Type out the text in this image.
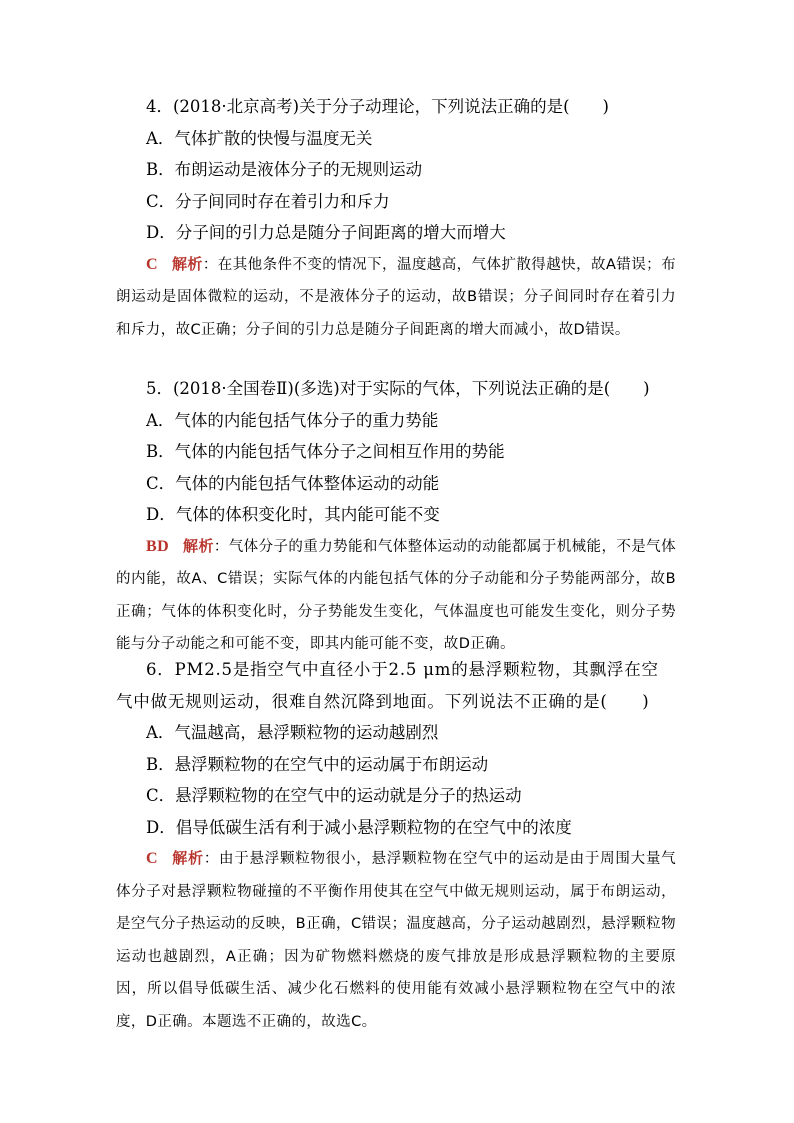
4．(2018·北京高考)关于分子动理论，下列说法正确的是(　　)
A．气体扩散的快慢与温度无关
B．布朗运动是液体分子的无规则运动
C．分子间同时存在着引力和斥力
D．分子间的引力总是随分子间距离的增大而增大
C 解析：在其他条件不变的情况下，温度越高，气体扩散得越快，故A错误；布朗运动是固体微粒的运动，不是液体分子的运动，故B错误；分子间同时存在着引力和斥力，故C正确；分子间的引力总是随分子间距离的增大而减小，故D错误。
5．(2018·全国卷Ⅱ)(多选)对于实际的气体，下列说法正确的是(　　)
A．气体的内能包括气体分子的重力势能
B．气体的内能包括气体分子之间相互作用的势能
C．气体的内能包括气体整体运动的动能
D．气体的体积变化时，其内能可能不变
BD 解析：气体分子的重力势能和气体整体运动的动能都属于机械能，不是气体的内能，故A、C错误；实际气体的内能包括气体的分子动能和分子势能两部分，故B正确；气体的体积变化时，分子势能发生变化，气体温度也可能发生变化，则分子势能与分子动能之和可能不变，即其内能可能不变，故D正确。
6．PM2.5是指空气中直径小于2.5 μm的悬浮颗粒物，其飘浮在空气中做无规则运动，很难自然沉降到地面。下列说法不正确的是(　　)
A．气温越高，悬浮颗粒物的运动越剧烈
B．悬浮颗粒物的在空气中的运动属于布朗运动
C．悬浮颗粒物的在空气中的运动就是分子的热运动
D．倡导低碳生活有利于减小悬浮颗粒物的在空气中的浓度
C 解析：由于悬浮颗粒物很小，悬浮颗粒物在空气中的运动是由于周围大量气体分子对悬浮颗粒物碰撞的不平衡作用使其在空气中做无规则运动，属于布朗运动，是空气分子热运动的反映，B正确，C错误；温度越高，分子运动越剧烈，悬浮颗粒物运动也越剧烈，A正确；因为矿物燃料燃烧的废气排放是形成悬浮颗粒物的主要原因，所以倡导低碳生活、减少化石燃料的使用能有效减小悬浮颗粒物在空气中的浓度，D正确。本题选不正确的，故选C。
